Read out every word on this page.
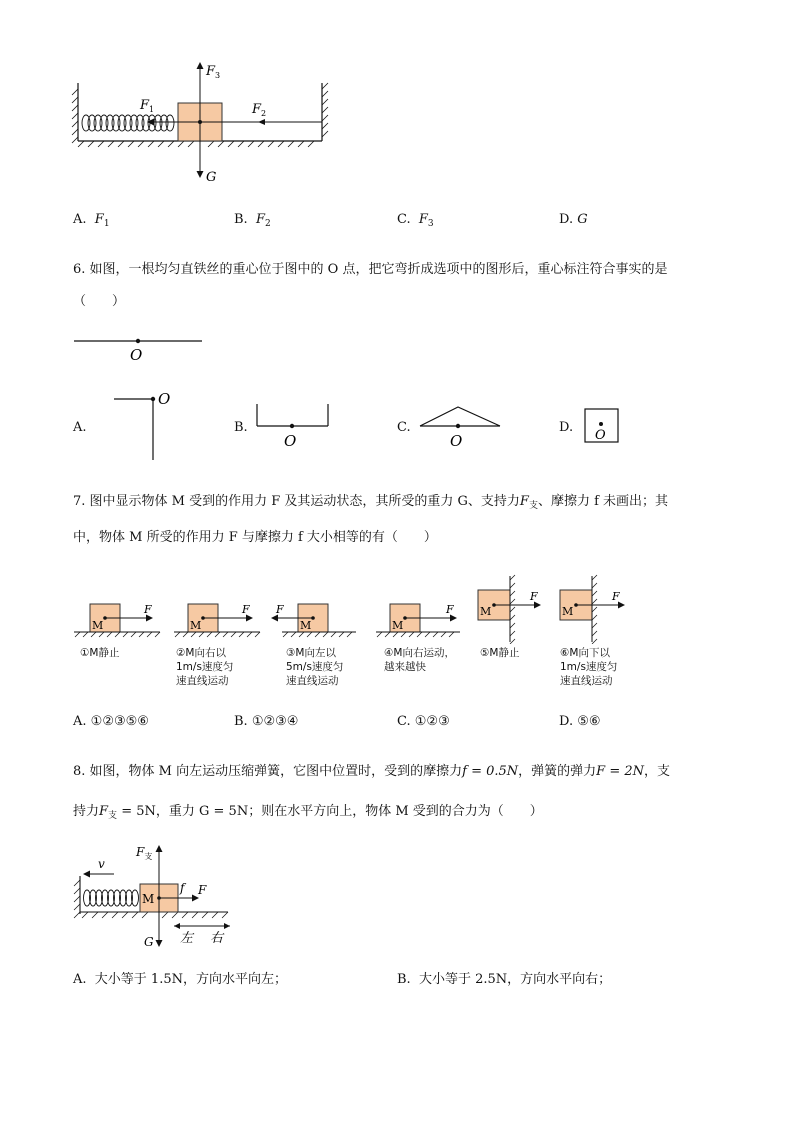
$F_3$
$F_1$	$F_2$
G
A. $F_1$	B. $F_2$	C. $F_3$	D. G
6. 如图，一根均匀直铁丝的重心位于图中的 O 点，把它弯折成选项中的图形后，重心标注符合事实的是
（　　）
O
A.
O
B.
O
C.
O
D.
O
7. 图中显示物体 M 受到的作用力 F 及其运动状态，其所受的重力 G、支持力$F_支$、摩擦力 f 未画出；其
中，物体 M 所受的作用力 F 与摩擦力 f 大小相等的有（　　）
M
F
①M静止
M
F
②M向右以
1m/s速度匀
速直线运动
M
F
③M向左以
5m/s速度匀
速直线运动
M
F
④M向右运动，
越来越快
M
F
⑤M静止
M
F
⑥M向下以
1m/s速度匀
速直线运动
A. ①②③⑤⑥	B. ①②③④	C. ①②③	D. ⑤⑥
8. 如图，物体 M 向左运动压缩弹簧，它图中位置时，受到的摩擦力f = 0.5N，弹簧的弹力F = 2N，支
持力$F_支 = 5N$，重力 G = 5N；则在水平方向上，物体 M 受到的合力为（　　）
v
$F_支$
f F
M
G 左 右
A. 大小等于 1.5N，方向水平向左；	B. 大小等于 2.5N，方向水平向右；
